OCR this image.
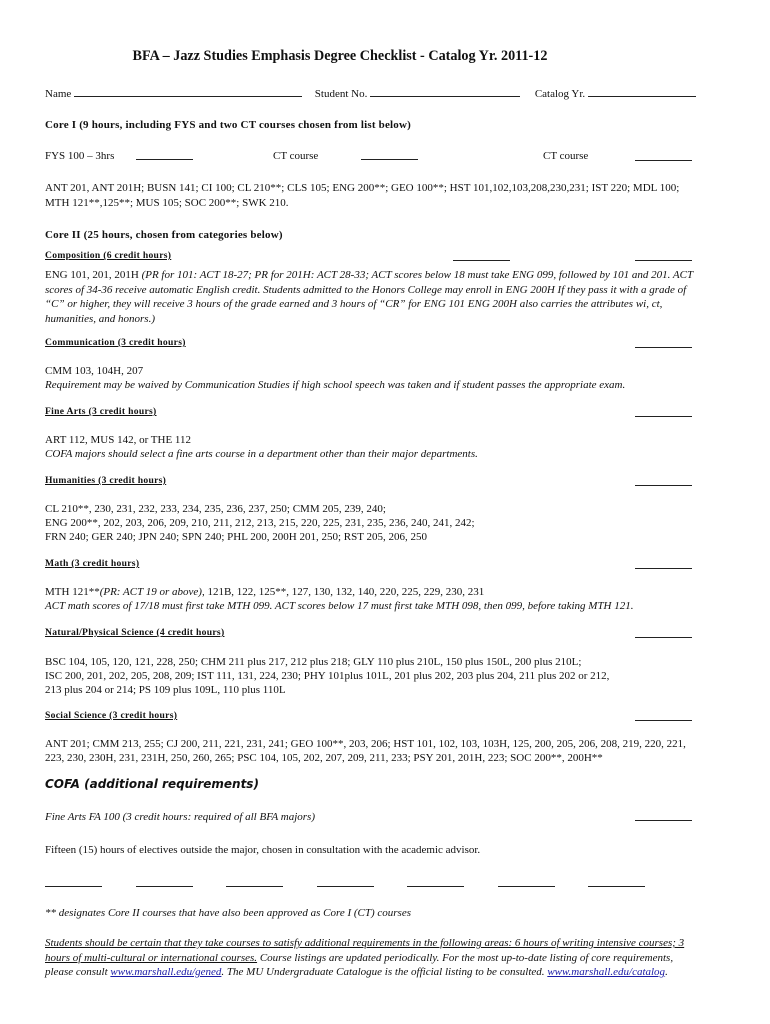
BFA – Jazz Studies Emphasis Degree Checklist - Catalog Yr. 2011-12
Name	Student No.	Catalog Yr.
Core I (9 hours, including FYS and two CT courses chosen from list below)
FYS 100 – 3hrs	CT course	CT course
ANT 201, ANT 201H; BUSN 141; CI 100; CL 210**; CLS 105; ENG 200**; GEO 100**; HST 101,102,103,208,230,231; IST 220; MDL 100; MTH 121**,125**; MUS 105; SOC 200**; SWK 210.
Core II (25 hours, chosen from categories below)
Composition (6 credit hours)
ENG 101, 201, 201H (PR for 101: ACT 18-27; PR for 201H: ACT 28-33; ACT scores below 18 must take ENG 099, followed by 101 and 201. ACT scores of 34-36 receive automatic English credit. Students admitted to the Honors College may enroll in ENG 200H If they pass it with a grade of “C” or higher, they will receive 3 hours of the grade earned and 3 hours of “CR” for ENG 101 ENG 200H also carries the attributes wi, ct, humanities, and honors.)
Communication (3 credit hours)
CMM 103, 104H, 207
Requirement may be waived by Communication Studies if high school speech was taken and if student passes the appropriate exam.
Fine Arts (3 credit hours)
ART 112, MUS 142, or THE 112
COFA majors should select a fine arts course in a department other than their major departments.
Humanities (3 credit hours)
CL 210**, 230, 231, 232, 233, 234, 235, 236, 237, 250; CMM 205, 239, 240;
ENG 200**, 202, 203, 206, 209, 210, 211, 212, 213, 215, 220, 225, 231, 235, 236, 240, 241, 242;
FRN 240; GER 240; JPN 240; SPN 240; PHL 200, 200H 201, 250; RST 205, 206, 250
Math (3 credit hours)
MTH 121**(PR: ACT 19 or above), 121B, 122, 125**, 127, 130, 132, 140, 220, 225, 229, 230, 231
ACT math scores of 17/18 must first take MTH 099. ACT scores below 17 must first take MTH 098, then 099, before taking MTH 121.
Natural/Physical Science (4 credit hours)
BSC 104, 105, 120, 121, 228, 250; CHM 211 plus 217, 212 plus 218; GLY 110 plus 210L, 150 plus 150L, 200 plus 210L;
ISC 200, 201, 202, 205, 208, 209; IST 111, 131, 224, 230; PHY 101plus 101L, 201 plus 202, 203 plus 204, 211 plus 202 or 212,
213 plus 204 or 214; PS 109 plus 109L, 110 plus 110L
Social Science (3 credit hours)
ANT 201; CMM 213, 255; CJ 200, 211, 221, 231, 241; GEO 100**, 203, 206; HST 101, 102, 103, 103H, 125, 200, 205, 206, 208, 219, 220, 221,
223, 230, 230H, 231, 231H, 250, 260, 265; PSC 104, 105, 202, 207, 209, 211, 233; PSY 201, 201H, 223; SOC 200**, 200H**
COFA (additional requirements)
Fine Arts FA 100 (3 credit hours: required of all BFA majors)
Fifteen (15) hours of electives outside the major, chosen in consultation with the academic advisor.
** designates Core II courses that have also been approved as Core I (CT) courses
Students should be certain that they take courses to satisfy additional requirements in the following areas: 6 hours of writing intensive courses; 3 hours of multi-cultural or international courses. Course listings are updated periodically. For the most up-to-date listing of core requirements, please consult www.marshall.edu/gened. The MU Undergraduate Catalogue is the official listing to be consulted. www.marshall.edu/catalog.
